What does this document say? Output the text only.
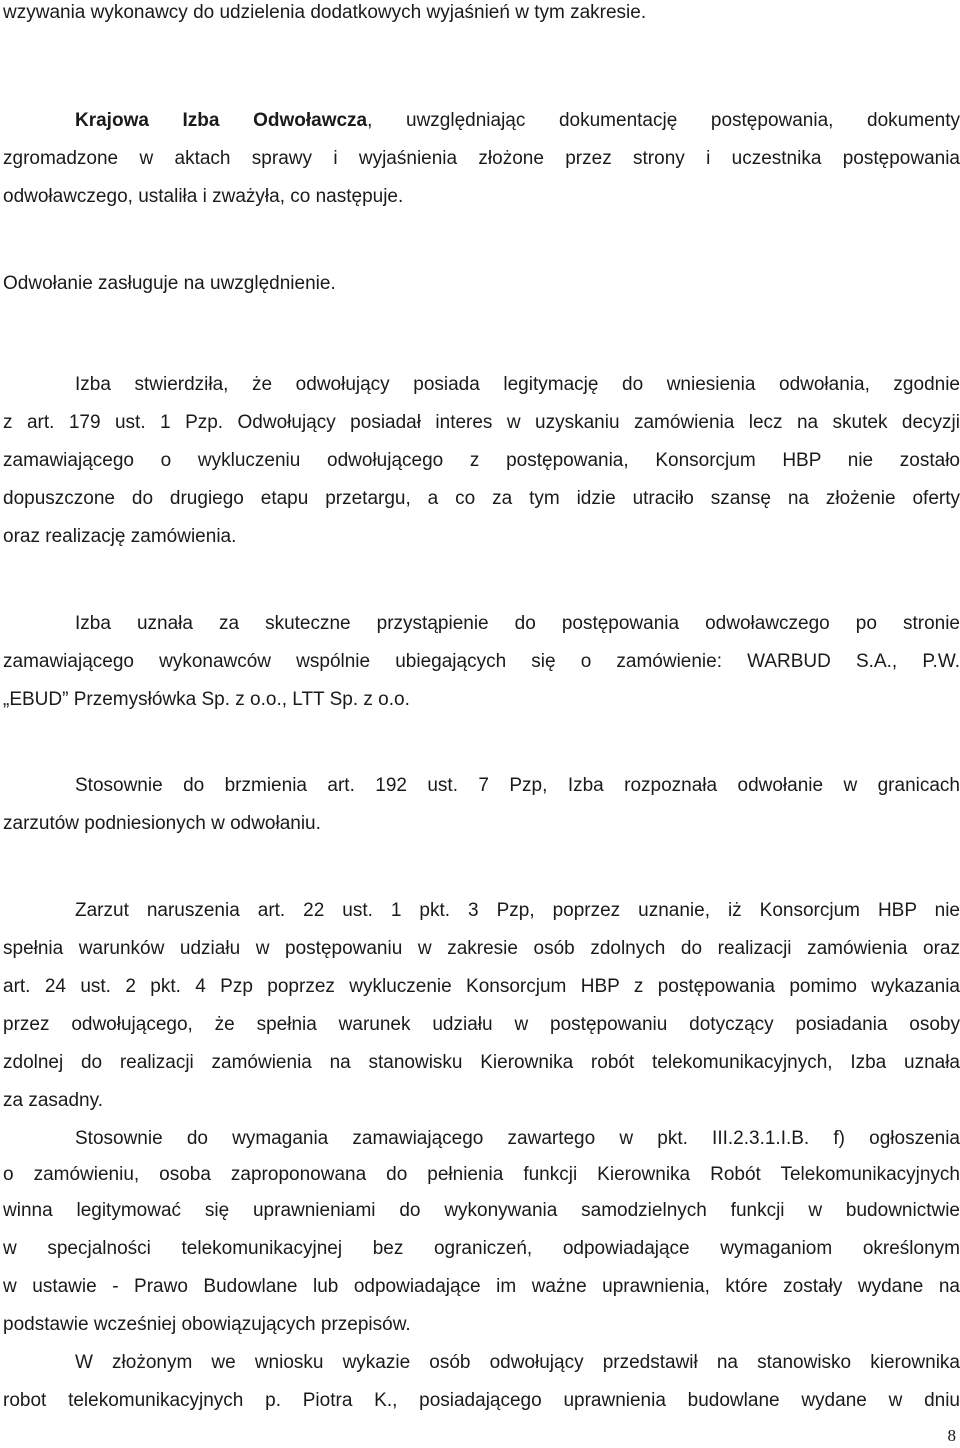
wzywania wykonawcy do udzielenia dodatkowych wyjaśnień w tym zakresie.
Krajowa Izba Odwoławcza, uwzględniając dokumentację postępowania, dokumenty
zgromadzone w aktach sprawy i wyjaśnienia złożone przez strony i uczestnika postępowania
odwoławczego, ustaliła i zważyła, co następuje.
Odwołanie zasługuje na uwzględnienie.
Izba stwierdziła, że odwołujący posiada legitymację do wniesienia odwołania, zgodnie
z art. 179 ust. 1 Pzp. Odwołujący posiadał interes w uzyskaniu zamówienia lecz na skutek decyzji
zamawiającego o wykluczeniu odwołującego z postępowania, Konsorcjum HBP nie zostało
dopuszczone do drugiego etapu przetargu, a co za tym idzie utraciło szansę na złożenie oferty
oraz realizację zamówienia.
Izba uznała za skuteczne przystąpienie do postępowania odwoławczego po stronie
zamawiającego wykonawców wspólnie ubiegających się o zamówienie: WARBUD S.A., P.W.
„EBUD” Przemysłówka Sp. z o.o., LTT Sp. z o.o.
Stosownie do brzmienia art. 192 ust. 7 Pzp, Izba rozpoznała odwołanie w granicach
zarzutów podniesionych w odwołaniu.
Zarzut naruszenia art. 22 ust. 1 pkt. 3 Pzp, poprzez uznanie, iż Konsorcjum HBP nie
spełnia warunków udziału w postępowaniu w zakresie osób zdolnych do realizacji zamówienia oraz
art. 24 ust. 2 pkt. 4 Pzp poprzez wykluczenie Konsorcjum HBP z postępowania pomimo wykazania
przez odwołującego, że spełnia warunek udziału w postępowaniu dotyczący posiadania osoby
zdolnej do realizacji zamówienia na stanowisku Kierownika robót telekomunikacyjnych, Izba uznała
za zasadny.
Stosownie do wymagania zamawiającego zawartego w pkt. III.2.3.1.I.B. f) ogłoszenia
o zamówieniu, osoba zaproponowana do pełnienia funkcji Kierownika Robót Telekomunikacyjnych
winna legitymować się uprawnieniami do wykonywania samodzielnych funkcji w budownictwie
w specjalności telekomunikacyjnej bez ograniczeń, odpowiadające wymaganiom określonym
w ustawie - Prawo Budowlane lub odpowiadające im ważne uprawnienia, które zostały wydane na
podstawie wcześniej obowiązujących przepisów.
W złożonym we wniosku wykazie osób odwołujący przedstawił na stanowisko kierownika
robot telekomunikacyjnych p. Piotra K., posiadającego uprawnienia budowlane wydane w dniu
8
